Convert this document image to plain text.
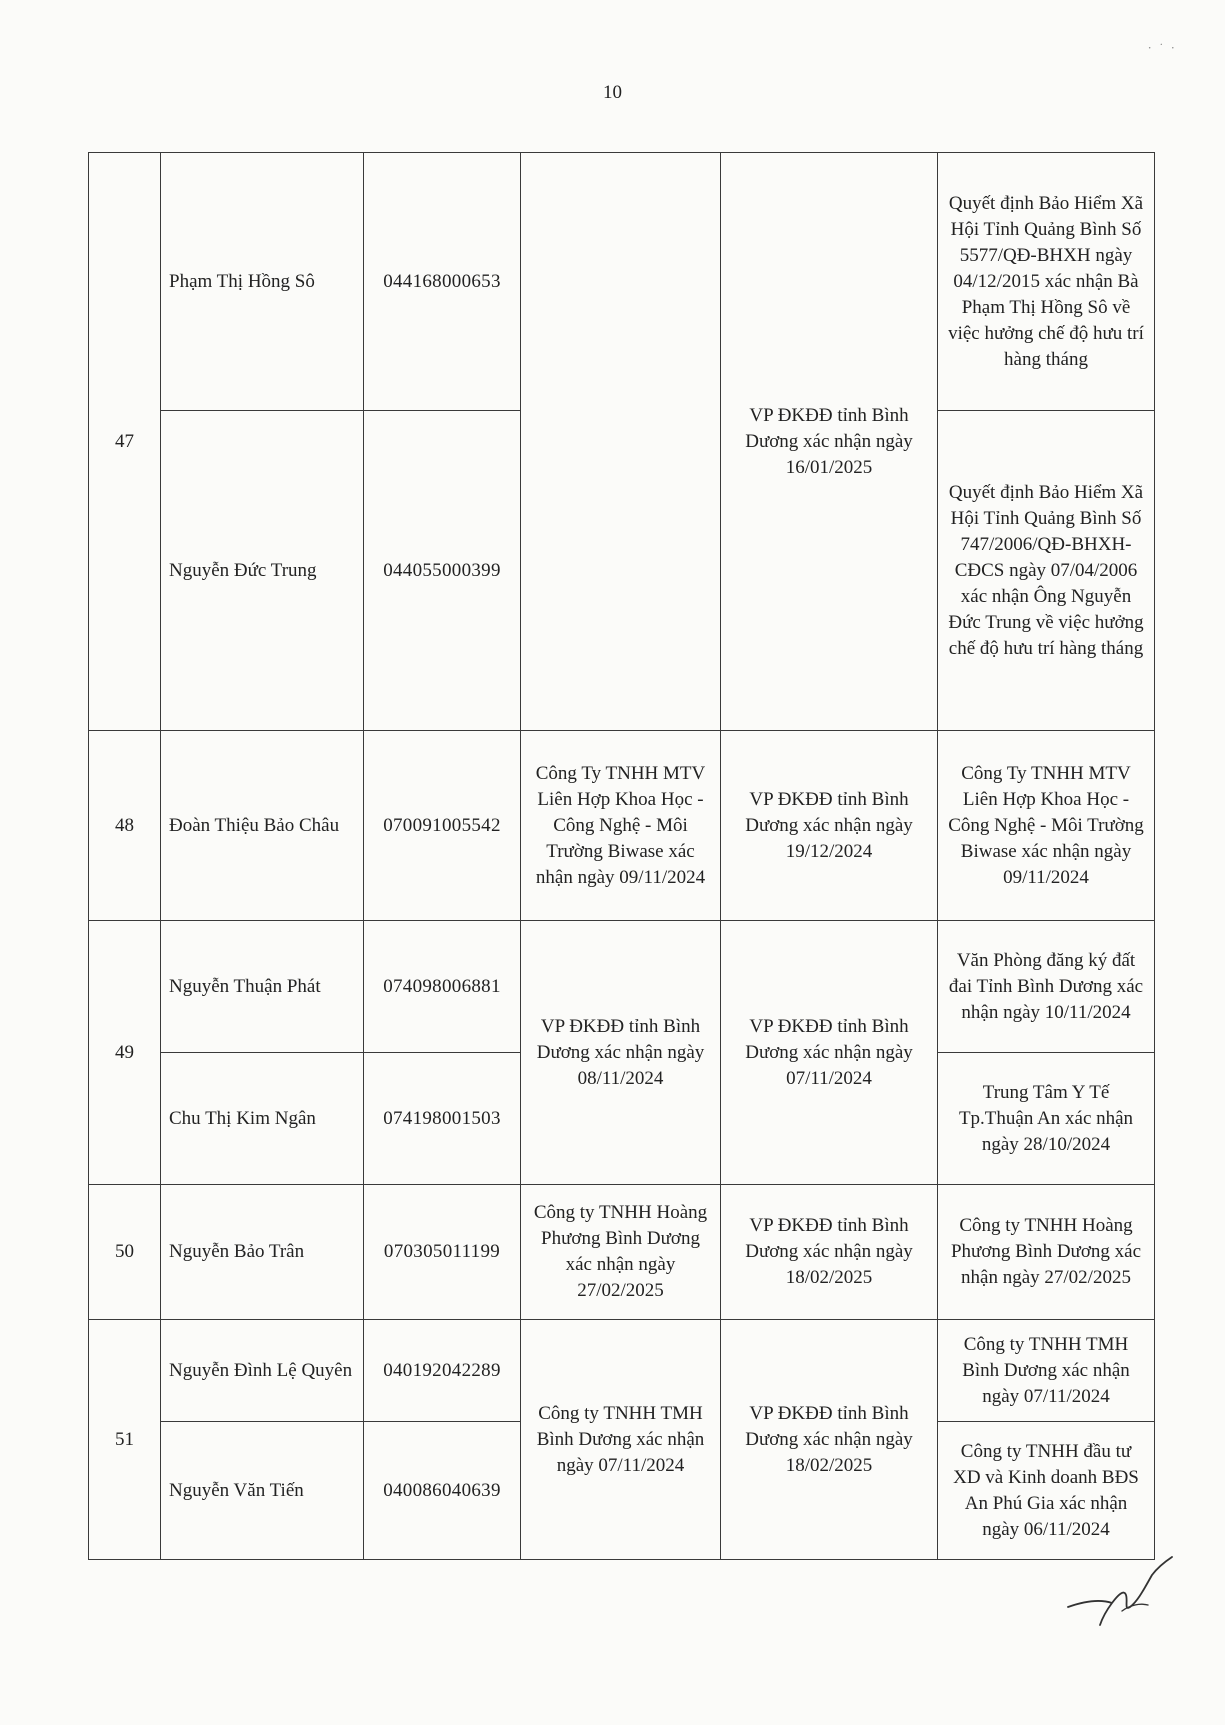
· ˙ ·
10
47	Phạm Thị Hồng Sô	044168000653		VP ĐKĐĐ tỉnh Bình Dương xác nhận ngày 16/01/2025	Quyết định Bảo Hiểm Xã Hội Tỉnh Quảng Bình Số 5577/QĐ-BHXH ngày 04/12/2015 xác nhận Bà Phạm Thị Hồng Sô về việc hưởng chế độ hưu trí hàng tháng
	Nguyễn Đức Trung	044055000399			Quyết định Bảo Hiểm Xã Hội Tỉnh Quảng Bình Số 747/2006/QĐ-BHXH-CĐCS ngày 07/04/2006 xác nhận Ông Nguyễn Đức Trung về việc hưởng chế độ hưu trí hàng tháng
48	Đoàn Thiệu Bảo Châu	070091005542	Công Ty TNHH MTV Liên Hợp Khoa Học - Công Nghệ - Môi Trường Biwase xác nhận ngày 09/11/2024	VP ĐKĐĐ tỉnh Bình Dương xác nhận ngày 19/12/2024	Công Ty TNHH MTV Liên Hợp Khoa Học - Công Nghệ - Môi Trường Biwase xác nhận ngày 09/11/2024
49	Nguyễn Thuận Phát	074098006881	VP ĐKĐĐ tỉnh Bình Dương xác nhận ngày 08/11/2024	VP ĐKĐĐ tỉnh Bình Dương xác nhận ngày 07/11/2024	Văn Phòng đăng ký đất đai Tỉnh Bình Dương xác nhận ngày 10/11/2024
	Chu Thị Kim Ngân	074198001503			Trung Tâm Y Tế Tp.Thuận An xác nhận ngày 28/10/2024
50	Nguyễn Bảo Trân	070305011199	Công ty TNHH Hoàng Phương Bình Dương xác nhận ngày 27/02/2025	VP ĐKĐĐ tỉnh Bình Dương xác nhận ngày 18/02/2025	Công ty TNHH Hoàng Phương Bình Dương xác nhận ngày 27/02/2025
51	Nguyễn Đình Lệ Quyên	040192042289	Công ty TNHH TMH Bình Dương xác nhận ngày 07/11/2024	VP ĐKĐĐ tỉnh Bình Dương xác nhận ngày 18/02/2025	Công ty TNHH TMH Bình Dương xác nhận ngày 07/11/2024
	Nguyễn Văn Tiến	040086040639			Công ty TNHH đầu tư XD và Kinh doanh BĐS An Phú Gia xác nhận ngày 06/11/2024
